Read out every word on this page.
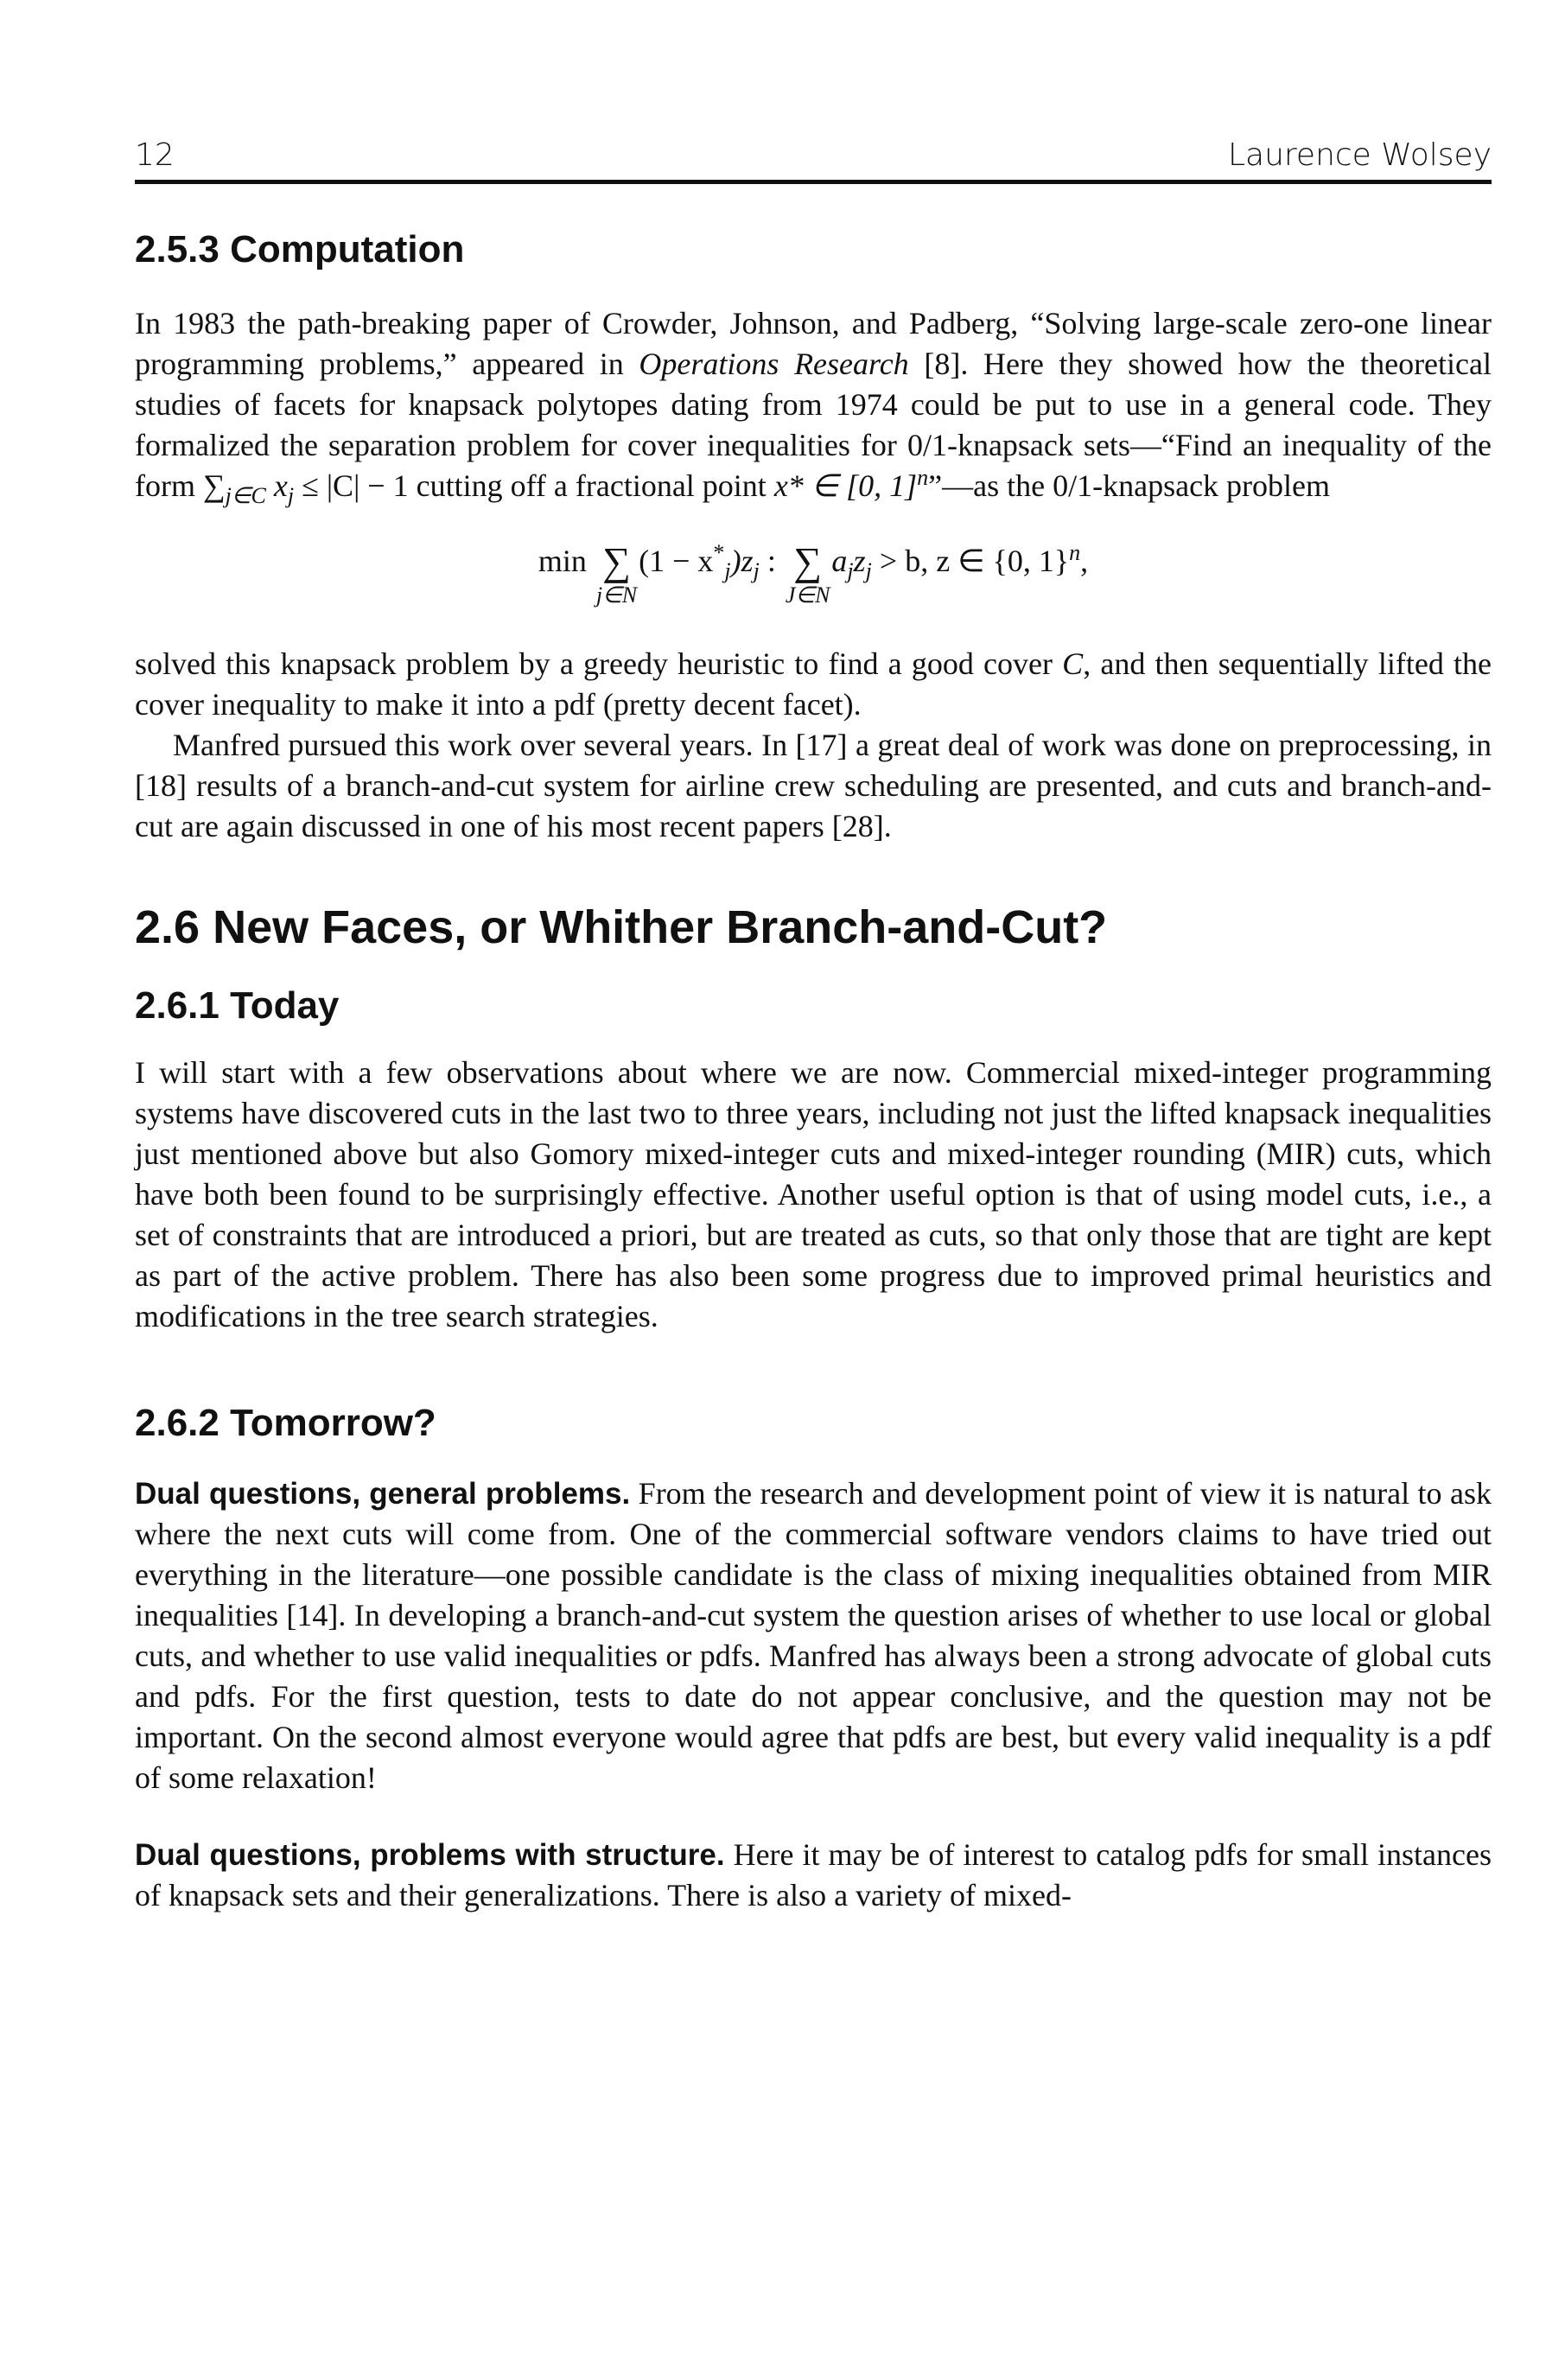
12	Laurence Wolsey
2.5.3 Computation

In 1983 the path-breaking paper of Crowder, Johnson, and Padberg, “Solving large-scale zero-one linear programming problems,” appeared in Operations Research [8]. Here they showed how the theoretical studies of facets for knapsack polytopes dating from 1974 could be put to use in a general code. They formalized the separation problem for cover inequalities for 0/1-knapsack sets—“Find an inequality of the form $\sum_{j\in C}$ $x_j \le |C| - 1$ cutting off a fractional point x* ∈ [0, 1]$^n$”—as the 0/1-knapsack problem

min ∑
j∈N
$(1 - x^*_j)z_j$ : ∑
J∈N
$a_jz_j > b$, z ∈ {0, 1}$^n$,

solved this knapsack problem by a greedy heuristic to find a good cover C, and then sequentially lifted the cover inequality to make it into a pdf (pretty decent facet).

Manfred pursued this work over several years. In [17] a great deal of work was done on preprocessing, in [18] results of a branch-and-cut system for airline crew scheduling are presented, and cuts and branch-and-cut are again discussed in one of his most recent papers [28].

2.6 New Faces, or Whither Branch-and-Cut?
2.6.1 Today

I will start with a few observations about where we are now. Commercial mixed-integer programming systems have discovered cuts in the last two to three years, including not just the lifted knapsack inequalities just mentioned above but also Gomory mixed-integer cuts and mixed-integer rounding (MIR) cuts, which have both been found to be surprisingly effective. Another useful option is that of using model cuts, i.e., a set of constraints that are introduced a priori, but are treated as cuts, so that only those that are tight are kept as part of the active problem. There has also been some progress due to improved primal heuristics and modifications in the tree search strategies.

2.6.2 Tomorrow?

Dual questions, general problems. From the research and development point of view it is natural to ask where the next cuts will come from. One of the commercial software vendors claims to have tried out everything in the literature—one possible candidate is the class of mixing inequalities obtained from MIR inequalities [14]. In developing a branch-and-cut system the question arises of whether to use local or global cuts, and whether to use valid inequalities or pdfs. Manfred has always been a strong advocate of global cuts and pdfs. For the first question, tests to date do not appear conclusive, and the question may not be important. On the second almost everyone would agree that pdfs are best, but every valid inequality is a pdf of some relaxation!

Dual questions, problems with structure. Here it may be of interest to catalog pdfs for small instances of knapsack sets and their generalizations. There is also a variety of mixed-
